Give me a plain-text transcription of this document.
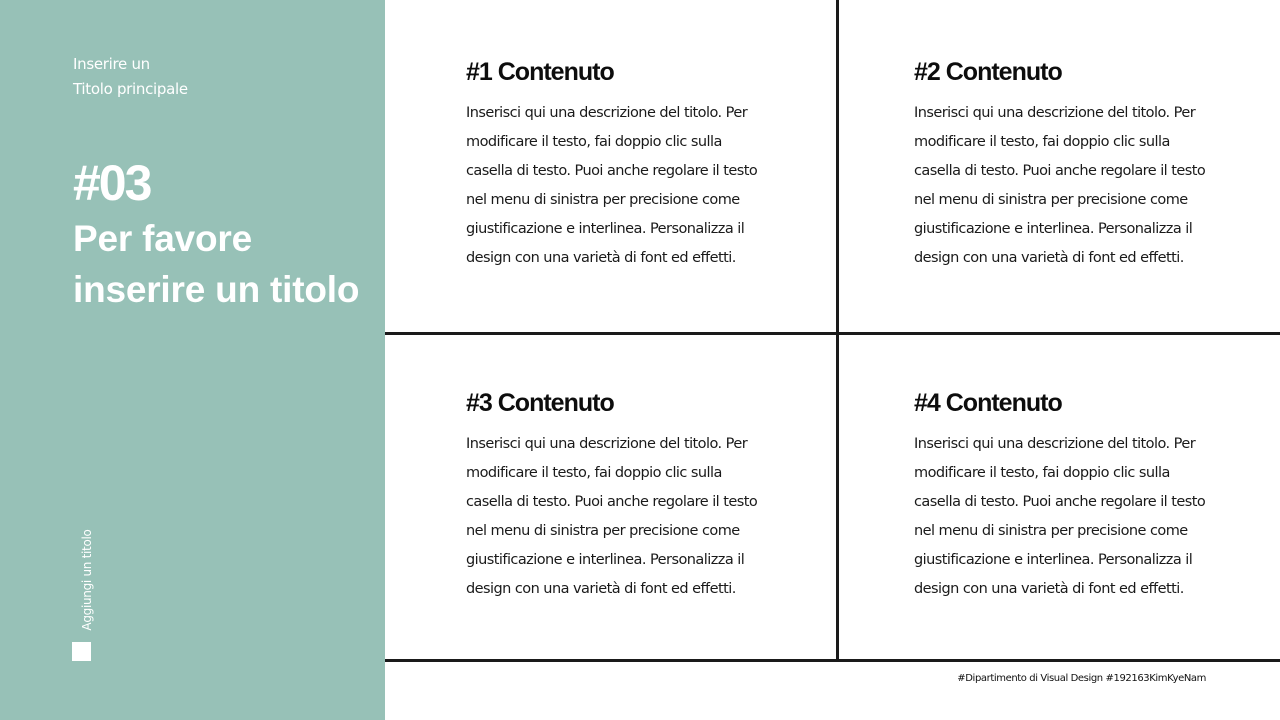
Inserire un
Titolo principale
#03
Per favore
inserire un titolo
Aggiungi un titolo
#1 Contenuto
Inserisci qui una descrizione del titolo. Per
modificare il testo, fai doppio clic sulla
casella di testo. Puoi anche regolare il testo
nel menu di sinistra per precisione come
giustificazione e interlinea. Personalizza il
design con una varietà di font ed effetti.
#2 Contenuto
Inserisci qui una descrizione del titolo. Per
modificare il testo, fai doppio clic sulla
casella di testo. Puoi anche regolare il testo
nel menu di sinistra per precisione come
giustificazione e interlinea. Personalizza il
design con una varietà di font ed effetti.
#3 Contenuto
Inserisci qui una descrizione del titolo. Per
modificare il testo, fai doppio clic sulla
casella di testo. Puoi anche regolare il testo
nel menu di sinistra per precisione come
giustificazione e interlinea. Personalizza il
design con una varietà di font ed effetti.
#4 Contenuto
Inserisci qui una descrizione del titolo. Per
modificare il testo, fai doppio clic sulla
casella di testo. Puoi anche regolare il testo
nel menu di sinistra per precisione come
giustificazione e interlinea. Personalizza il
design con una varietà di font ed effetti.
#Dipartimento di Visual Design #192163KimKyeNam
